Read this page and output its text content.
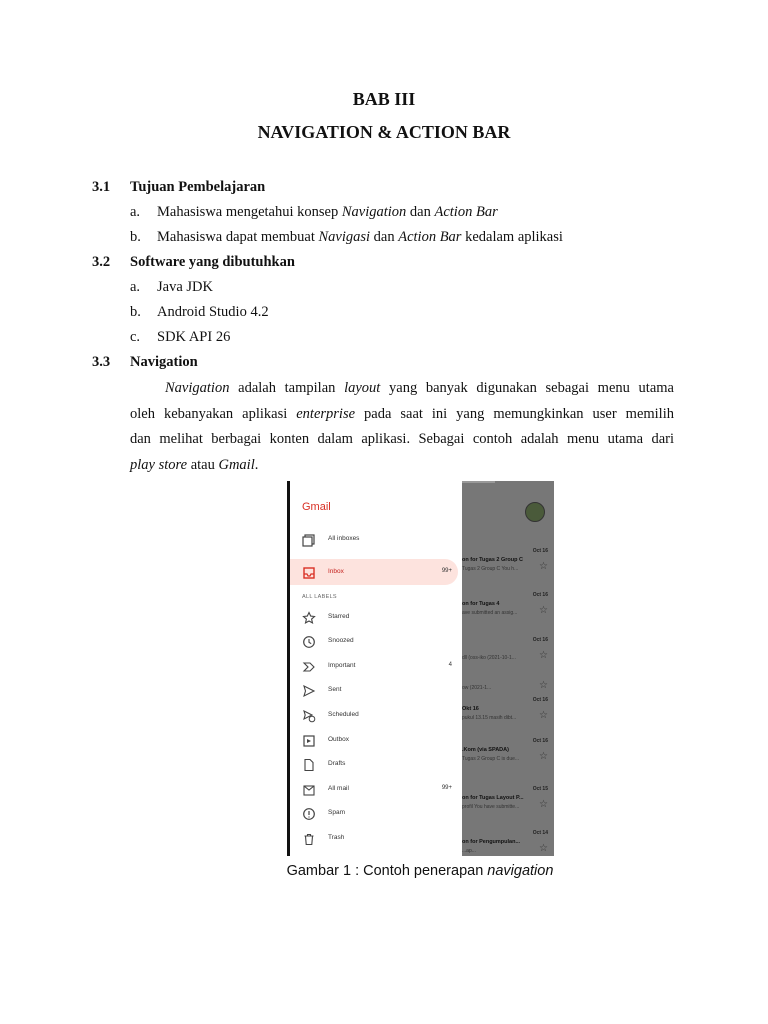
BAB III
NAVIGATION & ACTION BAR
3.1 Tujuan Pembelajaran
a. Mahasiswa mengetahui konsep Navigation dan Action Bar
b. Mahasiswa dapat membuat Navigasi dan Action Bar kedalam aplikasi
3.2 Software yang dibutuhkan
a. Java JDK
b. Android Studio 4.2
c. SDK API 26
3.3 Navigation
Navigation adalah tampilan layout yang banyak digunakan sebagai menu utama
oleh kebanyakan aplikasi enterprise pada saat ini yang memungkinkan user memilih
dan melihat berbagai konten dalam aplikasi. Sebagai contoh adalah menu utama dari
play store atau Gmail.
Gmail
ALL LABELS
All inboxes
Inbox	99+
Starred
Snoozed
Important	4
Sent
Scheduled
Outbox
Drafts
All mail	99+
Spam
Trash
Oct 16
on for Tugas 2 Group C
Tugas 2 Group C You h... ☆
Oct 16
on for Tugas 4
ave submitted an assig... ☆
Oct 16
dll (oss-iko (2021-10-1... ☆
ow (2021-1...	☆
Oct 16
Okt 16
pukul 13.15 masih dibt... ☆
Oct 16
.Kom (via SPADA)
Tugas 2 Group C is due... ☆
Oct 15
on for Tugas Layout P...
profil You have submitte... ☆
Oct 14
on for Pengumpulan...
...ap...	☆
Gambar 1 : Contoh penerapan navigation
